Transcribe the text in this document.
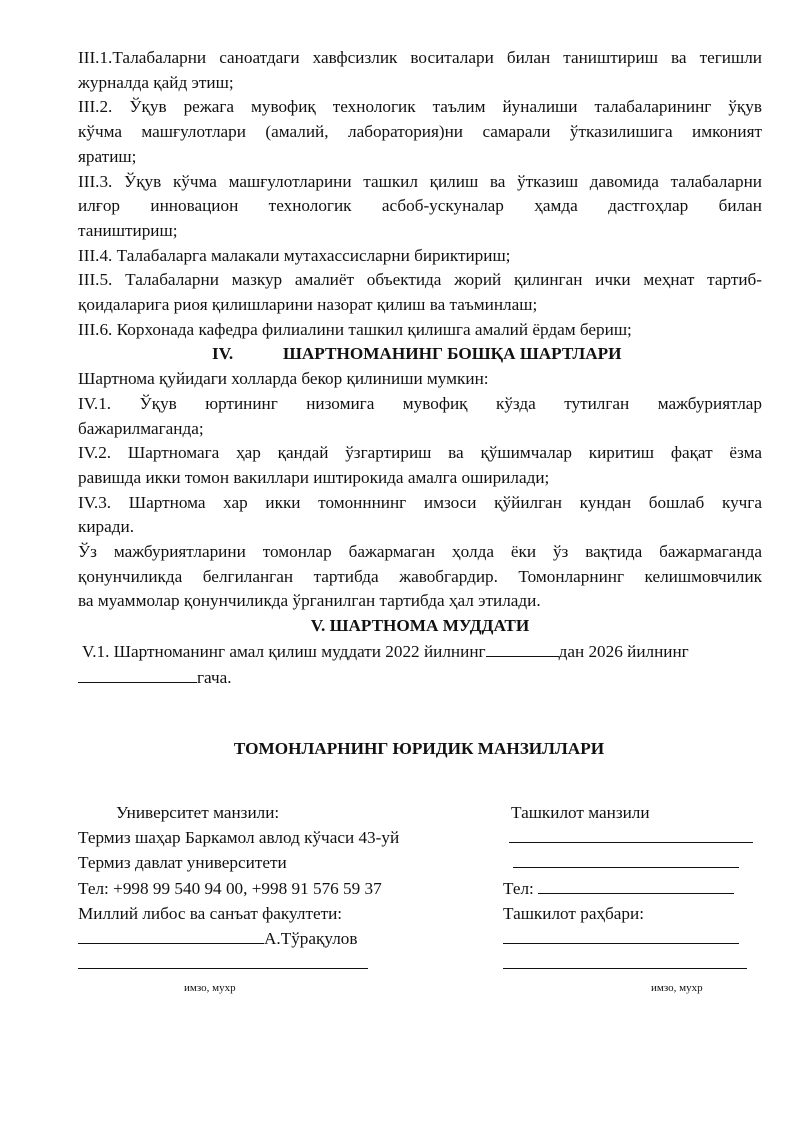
III.1.Талабаларни саноатдаги хавфсизлик воситалари билан таништириш ва тегишли
журналда қайд этиш;
III.2. Ўқув режага мувофиқ технологик таълим йуналиши талабаларининг ўқув
кўчма машғулотлари (амалий, лаборатория)ни самарали ўтказилишига имконият
яратиш;
III.3. Ўқув кўчма машғулотларини ташкил қилиш ва ўтказиш давомида талабаларни
илғор инновацион технологик асбоб-ускуналар ҳамда дастгоҳлар билан
таништириш;
III.4. Талабаларга малакали мутахассисларни бириктириш;
III.5. Талабаларни мазкур амалиёт объектида жорий қилинган ички меҳнат тартиб-
қоидаларига риоя қилишларини назорат қилиш ва таъминлаш;
III.6. Корхонада кафедра филиалини ташкил қилишга амалий ёрдам бериш;
IV.	ШАРТНОМАНИНГ БОШҚА ШАРТЛАРИ
Шартнома қуйидаги холларда бекор қилиниши мумкин:
IV.1. Ўқув юртининг низомига мувофиқ кўзда тутилган мажбуриятлар
бажарилмаганда;
IV.2. Шартномага ҳар қандай ўзгартириш ва қўшимчалар киритиш фақат ёзма
равишда икки томон вакиллари иштирокида амалга оширилади;
IV.3. Шартнома хар икки томонннинг имзоси қўйилган кундан бошлаб кучга
киради.
Ўз мажбуриятларини томонлар бажармаган ҳолда ёки ўз вақтида бажармаганда
қонунчиликда белгиланган тартибда жавобгардир. Томонларнинг келишмовчилик
ва муаммолар қонунчиликда ўрганилган тартибда ҳал этилади.
V. ШАРТНОМА МУДДАТИ
V.1. Шартноманинг амал қилиш муддати 2022 йилнинг	дан 2026 йилнинг
гача.
ТОМОНЛАРНИНГ ЮРИДИК МАНЗИЛЛАРИ
Университет манзили:
Термиз шаҳар Баркамол авлод кўчаси 43-уй
Термиз давлат университети
Тел: +998 99 540 94 00, +998 91 576 59 37
Миллий либос ва санъат факултети:
А.Тўрақулов
имзо, мухр
Ташкилот манзили
Тел:
Ташкилот раҳбари:
имзо, мухр
